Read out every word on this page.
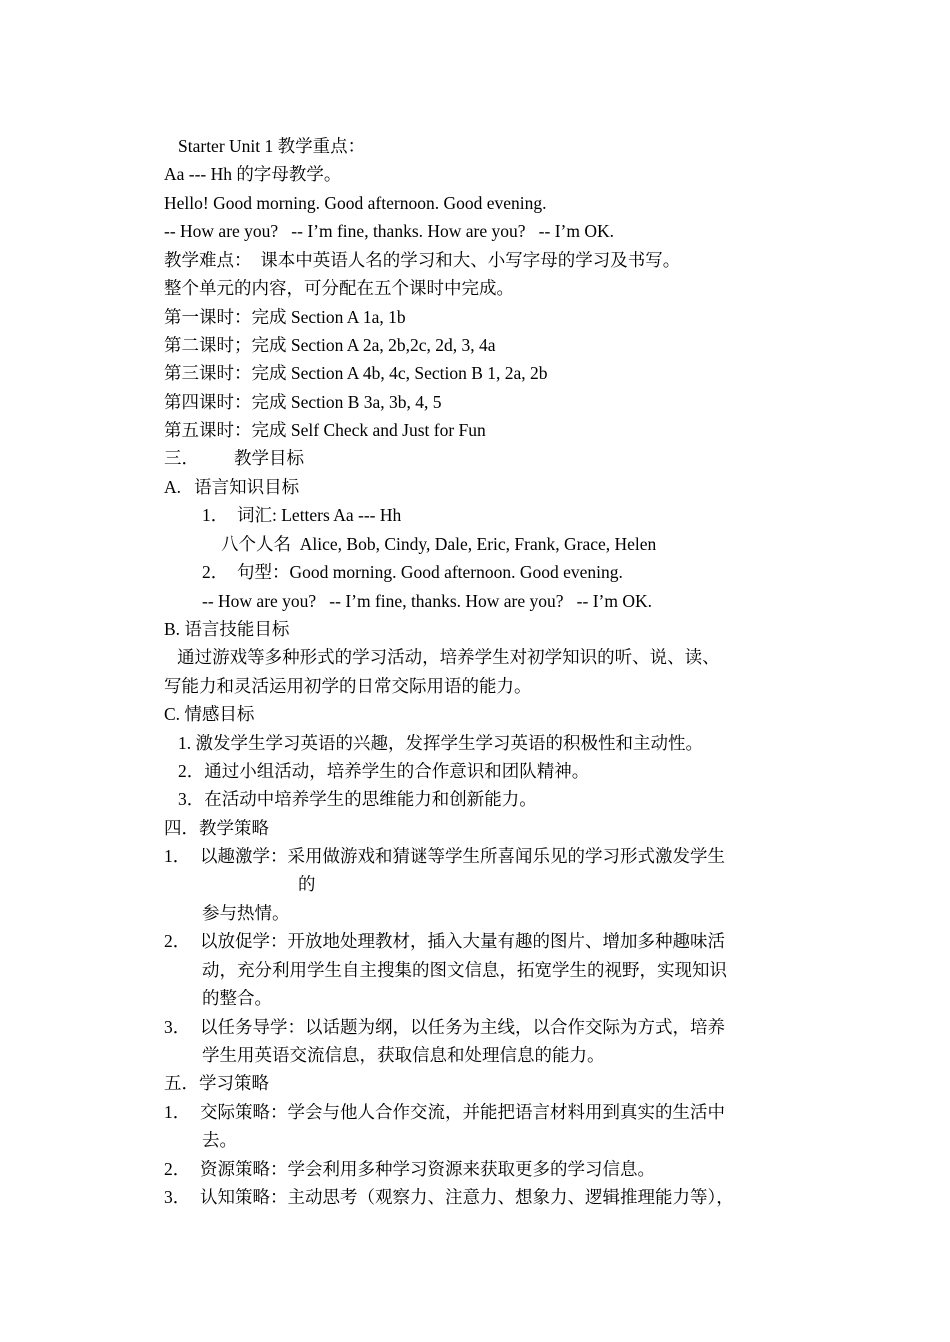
Starter Unit 1 教学重点：
Aa --- Hh 的字母教学。
Hello! Good morning. Good afternoon. Good evening.
-- How are you?   -- I’m fine, thanks. How are you?   -- I’m OK.
教学难点：  课本中英语人名的学习和大、小写字母的学习及书写。
整个单元的内容，可分配在五个课时中完成。
第一课时：完成 Section A 1a, 1b
第二课时；完成 Section A 2a, 2b,2c, 2d, 3, 4a
第三课时：完成 Section A 4b, 4c, Section B 1, 2a, 2b
第四课时：完成 Section B 3a, 3b, 4, 5
第五课时：完成 Self Check and Just for Fun
三．        教学目标
A.   语言知识目标
1．  词汇: Letters Aa --- Hh
八个人名  Alice, Bob, Cindy, Dale, Eric, Frank, Grace, Helen
2．  句型：Good morning. Good afternoon. Good evening.
-- How are you?   -- I’m fine, thanks. How are you?   -- I’m OK.
B. 语言技能目标
通过游戏等多种形式的学习活动，培养学生对初学知识的听、说、读、
写能力和灵活运用初学的日常交际用语的能力。
C. 情感目标
1. 激发学生学习英语的兴趣，发挥学生学习英语的积极性和主动性。
2．通过小组活动，培养学生的合作意识和团队精神。
3．在活动中培养学生的思维能力和创新能力。
四．教学策略
1． 以趣激学：采用做游戏和猜谜等学生所喜闻乐见的学习形式激发学生
的
参与热情。
2． 以放促学：开放地处理教材，插入大量有趣的图片、增加多种趣味活
动，充分利用学生自主搜集的图文信息，拓宽学生的视野，实现知识
的整合。
3． 以任务导学：以话题为纲，以任务为主线，以合作交际为方式，培养
学生用英语交流信息，获取信息和处理信息的能力。
五．学习策略
1． 交际策略：学会与他人合作交流，并能把语言材料用到真实的生活中
去。
2． 资源策略：学会利用多种学习资源来获取更多的学习信息。
3． 认知策略：主动思考（观察力、注意力、想象力、逻辑推理能力等），
